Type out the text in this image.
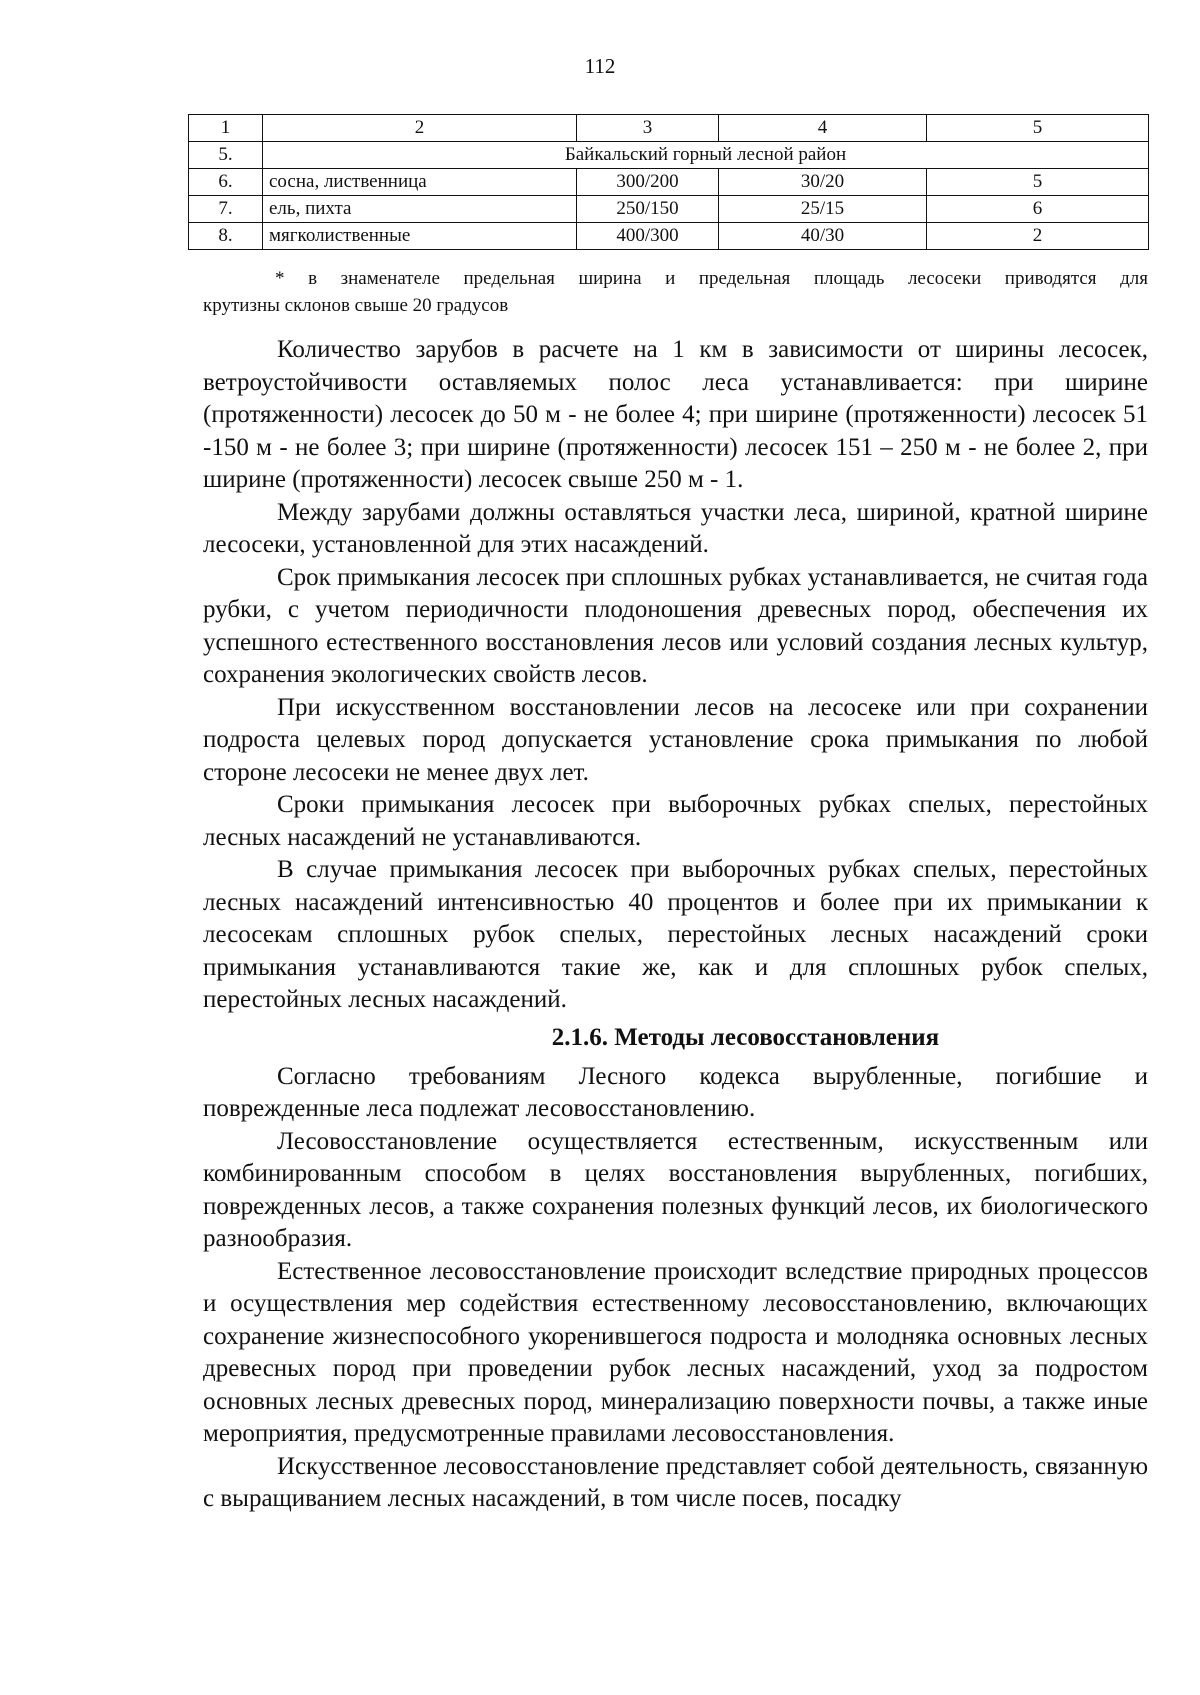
112
1	2	3	4	5
5.	Байкальский горный лесной район			
6.	сосна, лиственница	300/200	30/20	5
7.	ель, пихта	250/150	25/15	6
8.	мягколиственные	400/300	40/30	2
* в знаменателе предельная ширина и предельная площадь лесосеки приводятся для
крутизны склонов свыше 20 градусов

Количество зарубов в расчете на 1 км в зависимости от ширины лесосек, ветроустойчивости оставляемых полос леса устанавливается: при ширине (протяженности) лесосек до 50 м - не более 4; при ширине (протяженности) лесосек 51 -150 м - не более 3; при ширине (протяженности) лесосек 151 – 250 м - не более 2, при ширине (протяженности) лесосек свыше 250 м - 1.

Между зарубами должны оставляться участки леса, шириной, кратной ширине лесосеки, установленной для этих насаждений.

Срок примыкания лесосек при сплошных рубках устанавливается, не считая года рубки, с учетом периодичности плодоношения древесных пород, обеспечения их успешного естественного восстановления лесов или условий создания лесных культур, сохранения экологических свойств лесов.

При искусственном восстановлении лесов на лесосеке или при сохранении подроста целевых пород допускается установление срока примыкания по любой стороне лесосеки не менее двух лет.

Сроки примыкания лесосек при выборочных рубках спелых, перестойных лесных насаждений не устанавливаются.

В случае примыкания лесосек при выборочных рубках спелых, перестойных лесных насаждений интенсивностью 40 процентов и более при их примыкании к лесосекам сплошных рубок спелых, перестойных лесных насаждений сроки примыкания устанавливаются такие же, как и для сплошных рубок спелых, перестойных лесных насаждений.

2.1.6. Методы лесовосстановления

Согласно требованиям Лесного кодекса вырубленные, погибшие и поврежденные леса подлежат лесовосстановлению.

Лесовосстановление осуществляется естественным, искусственным или комбинированным способом в целях восстановления вырубленных, погибших, поврежденных лесов, а также сохранения полезных функций лесов, их биологического разнообразия.

Естественное лесовосстановление происходит вследствие природных процессов и осуществления мер содействия естественному лесовосстановлению, включающих сохранение жизнеспособного укоренившегося подроста и молодняка основных лесных древесных пород при проведении рубок лесных насаждений, уход за подростом основных лесных древесных пород, минерализацию поверхности почвы, а также иные мероприятия, предусмотренные правилами лесовосстановления.

Искусственное лесовосстановление представляет собой деятельность, связанную с выращиванием лесных насаждений, в том числе посев, посадку
